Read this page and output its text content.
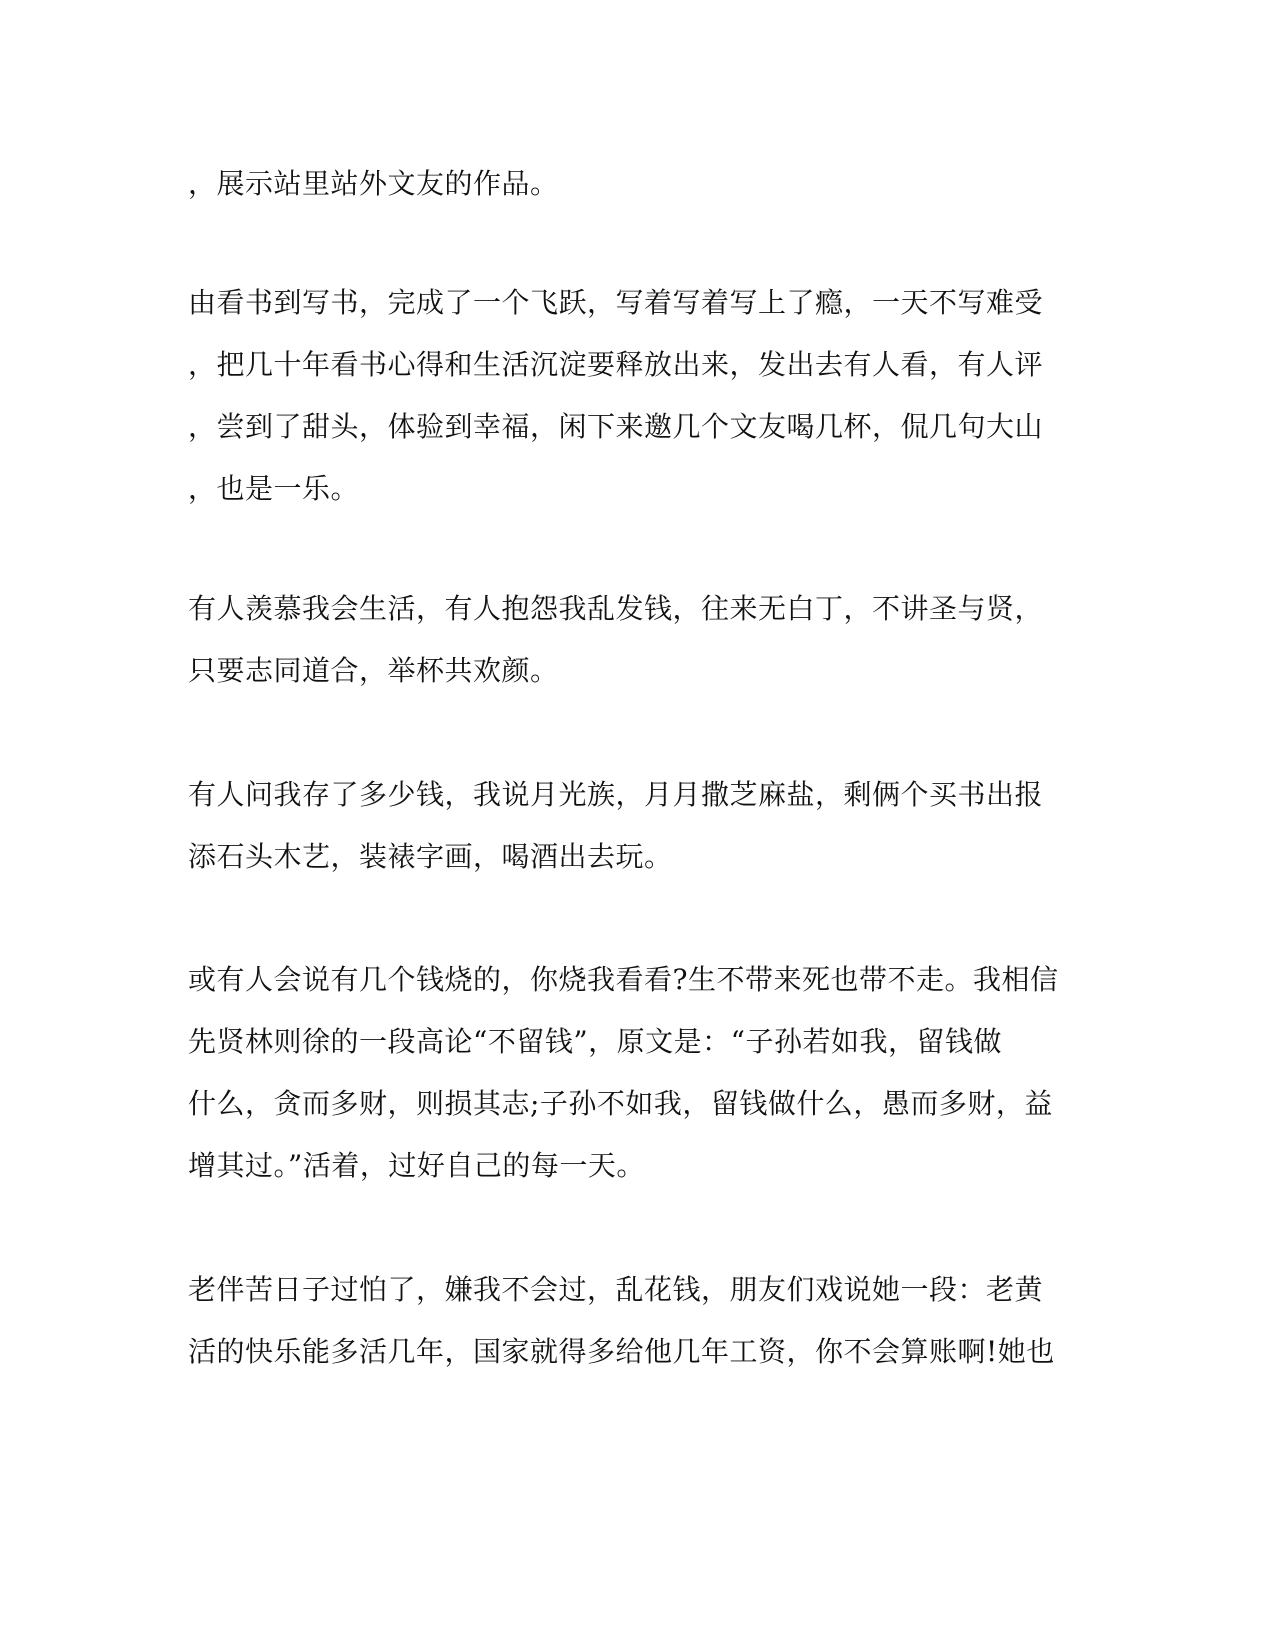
，展示站里站外文友的作品。
由看书到写书，完成了一个飞跃，写着写着写上了瘾，一天不写难受
，把几十年看书心得和生活沉淀要释放出来，发出去有人看，有人评
，尝到了甜头，体验到幸福，闲下来邀几个文友喝几杯，侃几句大山
，也是一乐。
有人羡慕我会生活，有人抱怨我乱发钱，往来无白丁，不讲圣与贤，
只要志同道合，举杯共欢颜。
有人问我存了多少钱，我说月光族，月月撒芝麻盐，剩俩个买书出报
添石头木艺，装裱字画，喝酒出去玩。
或有人会说有几个钱烧的，你烧我看看?生不带来死也带不走。我相信
先贤林则徐的一段高论“不留钱”，原文是：“子孙若如我，留钱做
什么，贪而多财，则损其志;子孙不如我，留钱做什么，愚而多财，益
增其过。”活着，过好自己的每一天。
老伴苦日子过怕了，嫌我不会过，乱花钱，朋友们戏说她一段：老黄
活的快乐能多活几年，国家就得多给他几年工资，你不会算账啊!她也
